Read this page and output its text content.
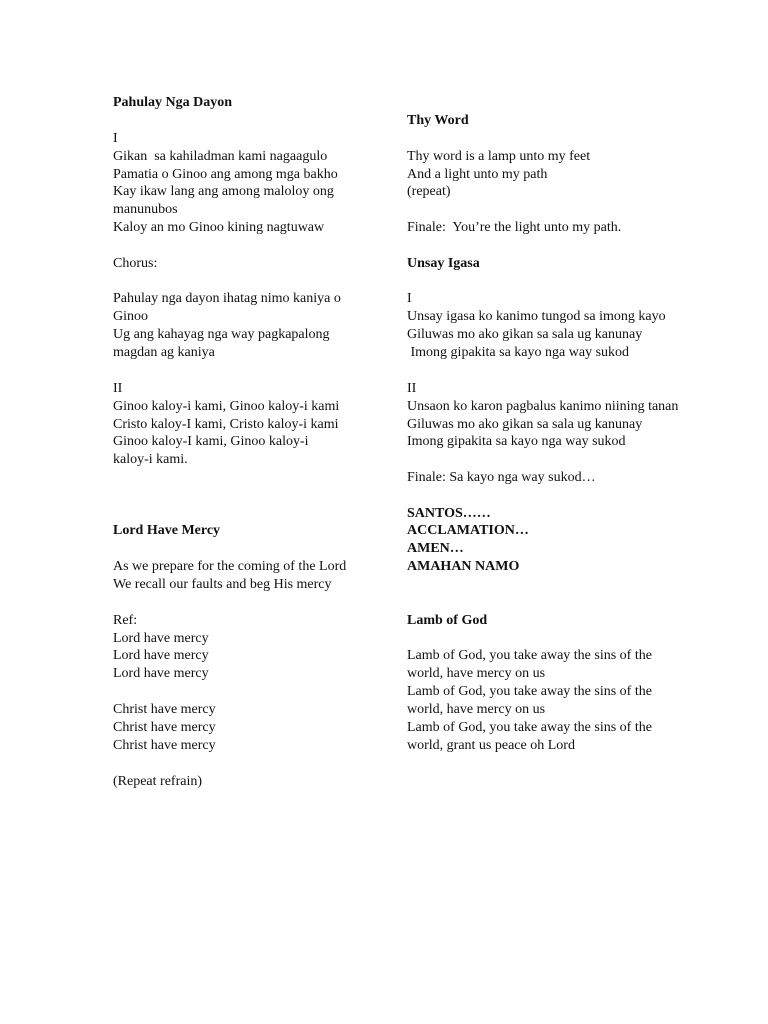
Pahulay Nga Dayon
I
Gikan  sa kahiladman kami nagaagulo
Pamatia o Ginoo ang among mga bakho
Kay ikaw lang ang among maloloy ong
manunubos
Kaloy an mo Ginoo kining nagtuwaw
Chorus:
Pahulay nga dayon ihatag nimo kaniya o
Ginoo
Ug ang kahayag nga way pagkapalong
magdan ag kaniya
II
Ginoo kaloy-i kami, Ginoo kaloy-i kami
Cristo kaloy-I kami, Cristo kaloy-i kami
Ginoo kaloy-I kami, Ginoo kaloy-i
kaloy-i kami.
Lord Have Mercy
As we prepare for the coming of the Lord
We recall our faults and beg His mercy
Ref:
Lord have mercy
Lord have mercy
Lord have mercy
Christ have mercy
Christ have mercy
Christ have mercy
(Repeat refrain)
Thy Word
Thy word is a lamp unto my feet
And a light unto my path
(repeat)
Finale:  You’re the light unto my path.
Unsay Igasa
I
Unsay igasa ko kanimo tungod sa imong kayo
Giluwas mo ako gikan sa sala ug kanunay
Imong gipakita sa kayo nga way sukod
II
Unsaon ko karon pagbalus kanimo niining tanan
Giluwas mo ako gikan sa sala ug kanunay
Imong gipakita sa kayo nga way sukod
Finale: Sa kayo nga way sukod…
SANTOS……
ACCLAMATION…
AMEN…
AMAHAN NAMO
Lamb of God
Lamb of God, you take away the sins of the
world, have mercy on us
Lamb of God, you take away the sins of the
world, have mercy on us
Lamb of God, you take away the sins of the
world, grant us peace oh Lord
